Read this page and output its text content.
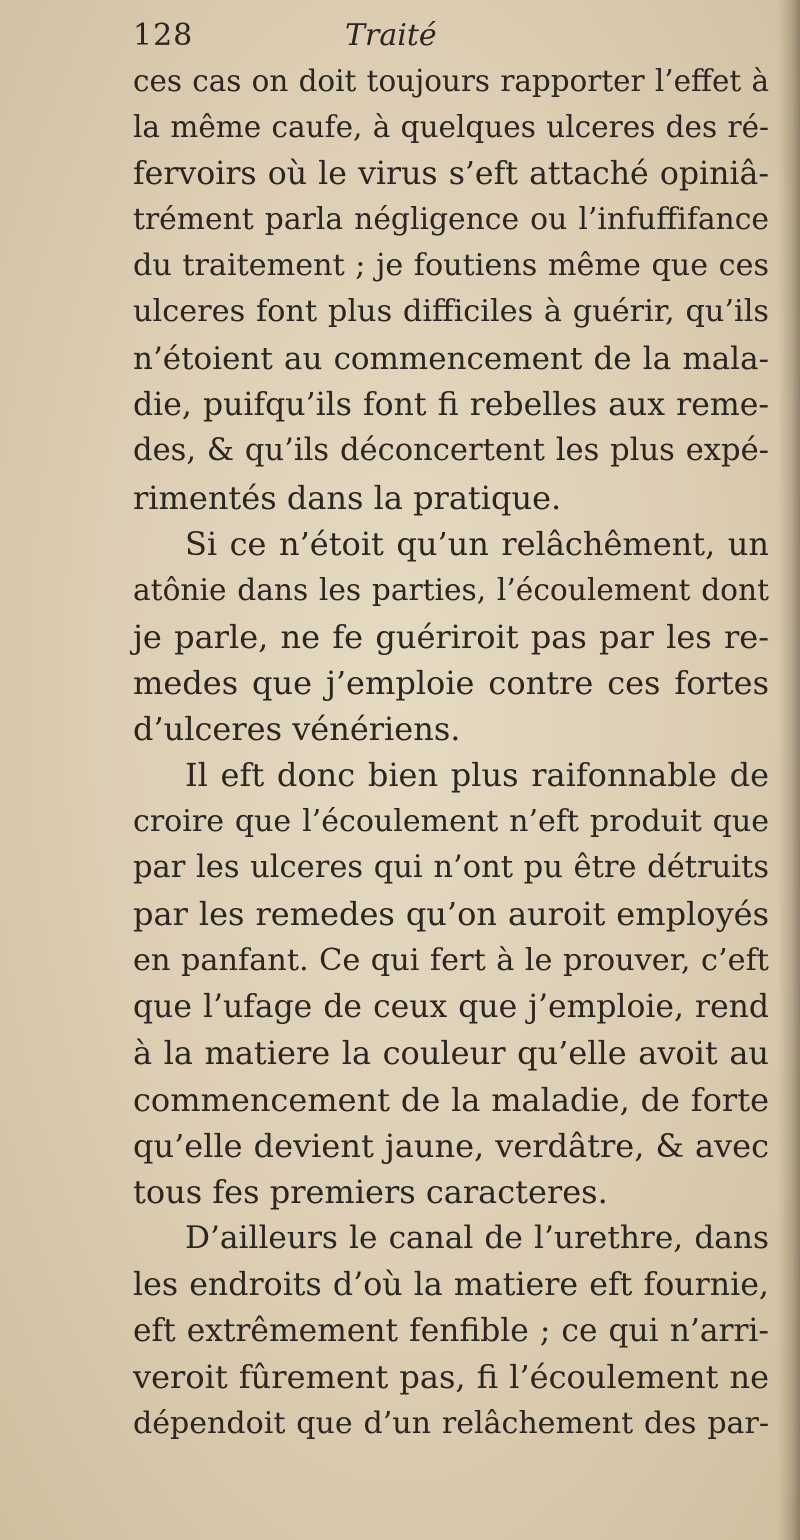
128	Traité
ces cas on doit toujours rapporter l’effet à
la même caufe, à quelques ulceres des ré-
fervoirs où le virus s’eft attaché opiniâ-
trément parla négligence ou l’infuffifance
du traitement ; je foutiens même que ces
ulceres font plus difficiles à guérir, qu’ils
n’étoient au commencement de la mala-
die, puifqu’ils font fi rebelles aux reme-
des, & qu’ils déconcertent les plus expé-
rimentés dans la pratique.
Si ce n’étoit qu’un relâchêment, un
atônie dans les parties, l’écoulement dont
je parle, ne fe guériroit pas par les re-
medes que j’emploie contre ces fortes
d’ulceres vénériens.
Il eft donc bien plus raifonnable de
croire que l’écoulement n’eft produit que
par les ulceres qui n’ont pu être détruits
par les remedes qu’on auroit employés
en panfant. Ce qui fert à le prouver, c’eft
que l’ufage de ceux que j’emploie, rend
à la matiere la couleur qu’elle avoit au
commencement de la maladie, de forte
qu’elle devient jaune, verdâtre, & avec
tous fes premiers caracteres.
D’ailleurs le canal de l’urethre, dans
les endroits d’où la matiere eft fournie,
eft extrêmement fenfible ; ce qui n’arri-
veroit fûrement pas, fi l’écoulement ne
dépendoit que d’un relâchement des par-
